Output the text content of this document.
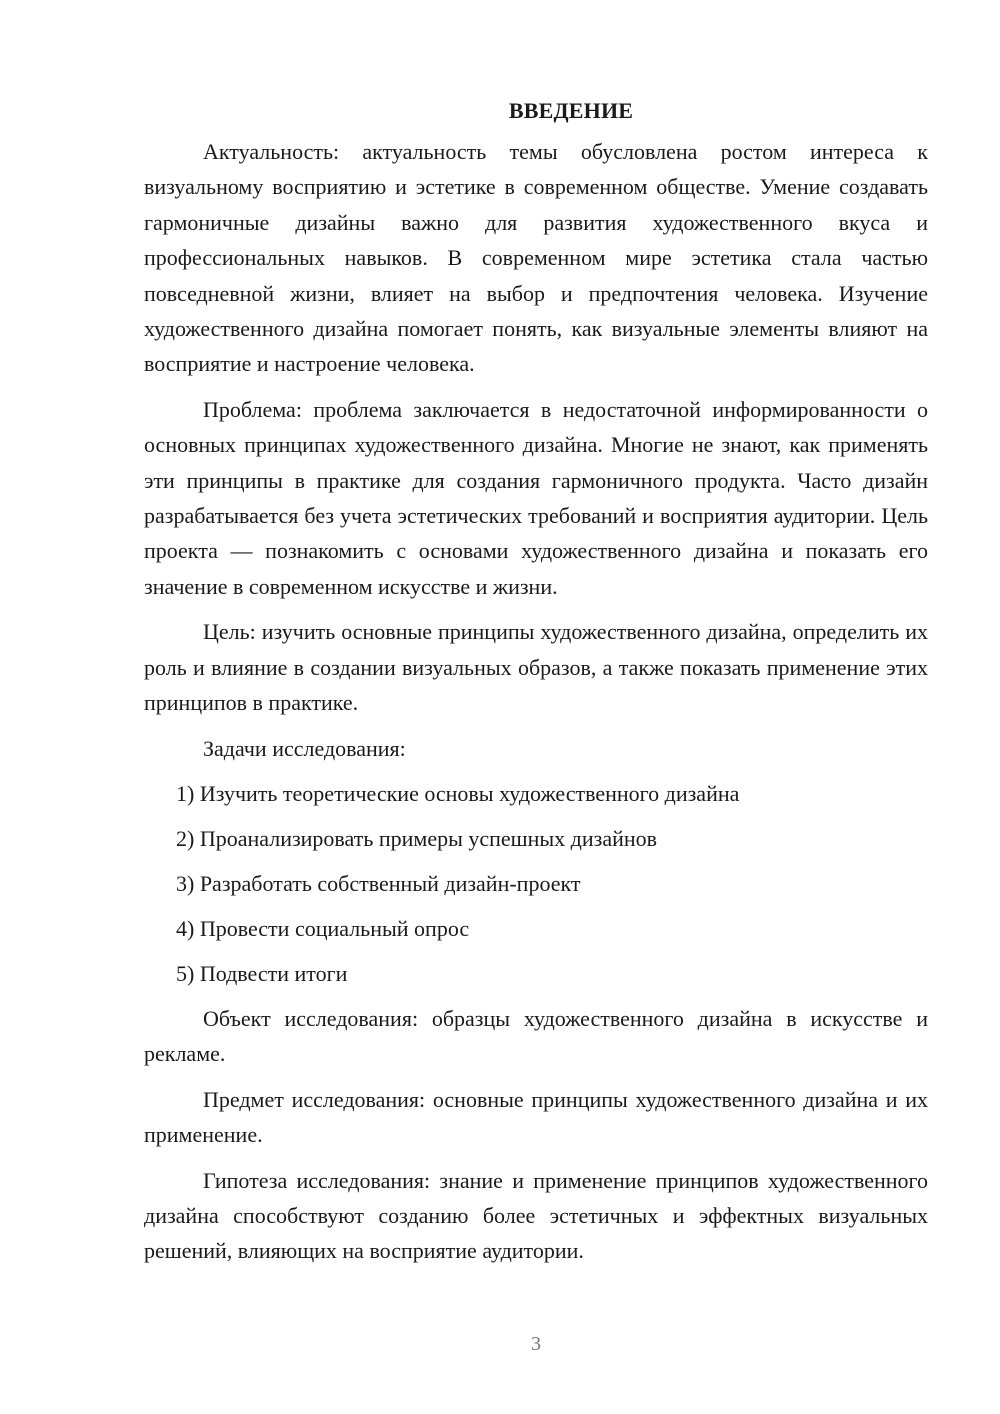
ВВЕДЕНИЕ

Актуальность: актуальность темы обусловлена ростом интереса к визуальному восприятию и эстетике в современном обществе. Умение создавать гармоничные дизайны важно для развития художественного вкуса и профессиональных навыков. В современном мире эстетика стала частью повседневной жизни, влияет на выбор и предпочтения человека. Изучение художественного дизайна помогает понять, как визуальные элементы влияют на восприятие и настроение человека.

Проблема: проблема заключается в недостаточной информированности о основных принципах художественного дизайна. Многие не знают, как применять эти принципы в практике для создания гармоничного продукта. Часто дизайн разрабатывается без учета эстетических требований и восприятия аудитории. Цель проекта — познакомить с основами художественного дизайна и показать его значение в современном искусстве и жизни.

Цель: изучить основные принципы художественного дизайна, определить их роль и влияние в создании визуальных образов, а также показать применение этих принципов в практике.

Задачи исследования:

1) Изучить теоретические основы художественного дизайна
2) Проанализировать примеры успешных дизайнов
3) Разработать собственный дизайн-проект
4) Провести социальный опрос
5) Подвести итоги

Объект исследования: образцы художественного дизайна в искусстве и рекламе.

Предмет исследования: основные принципы художественного дизайна и их применение.

Гипотеза исследования: знание и применение принципов художественного дизайна способствуют созданию более эстетичных и эффектных визуальных решений, влияющих на восприятие аудитории.

3
